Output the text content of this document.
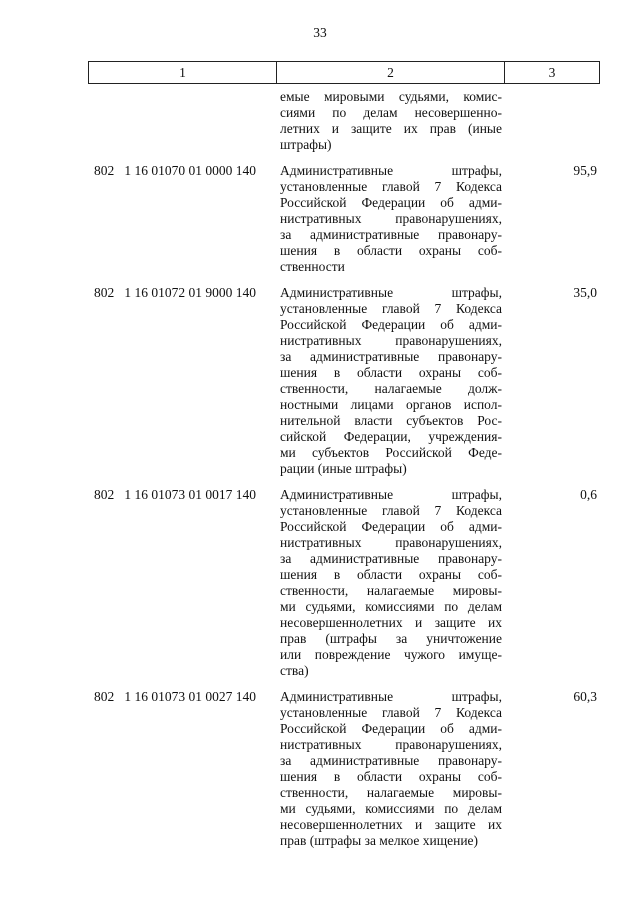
33
1	2	3
емые мировыми судьями, комис-
сиями по делам несовершенно-
летних и защите их прав (иные
штрафы)
802 1 16 01070 01 0000 140	Административные штрафы,
установленные главой 7 Кодекса
Российской Федерации об адми-
нистративных правонарушениях,
за административные правонару-
шения в области охраны соб-
ственности
95,9
802 1 16 01072 01 9000 140	Административные штрафы,
установленные главой 7 Кодекса
Российской Федерации об адми-
нистративных правонарушениях,
за административные правонару-
шения в области охраны соб-
ственности, налагаемые долж-
ностными лицами органов испол-
нительной власти субъектов Рос-
сийской Федерации, учреждения-
ми субъектов Российской Феде-
рации (иные штрафы)
35,0
802 1 16 01073 01 0017 140	Административные штрафы,
установленные главой 7 Кодекса
Российской Федерации об адми-
нистративных правонарушениях,
за административные правонару-
шения в области охраны соб-
ственности, налагаемые мировы-
ми судьями, комиссиями по делам
несовершеннолетних и защите их
прав (штрафы за уничтожение
или повреждение чужого имуще-
ства)
0,6
802 1 16 01073 01 0027 140	Административные штрафы,
установленные главой 7 Кодекса
Российской Федерации об адми-
нистративных правонарушениях,
за административные правонару-
шения в области охраны соб-
ственности, налагаемые мировы-
ми судьями, комиссиями по делам
несовершеннолетних и защите их
прав (штрафы за мелкое хищение)
60,3
